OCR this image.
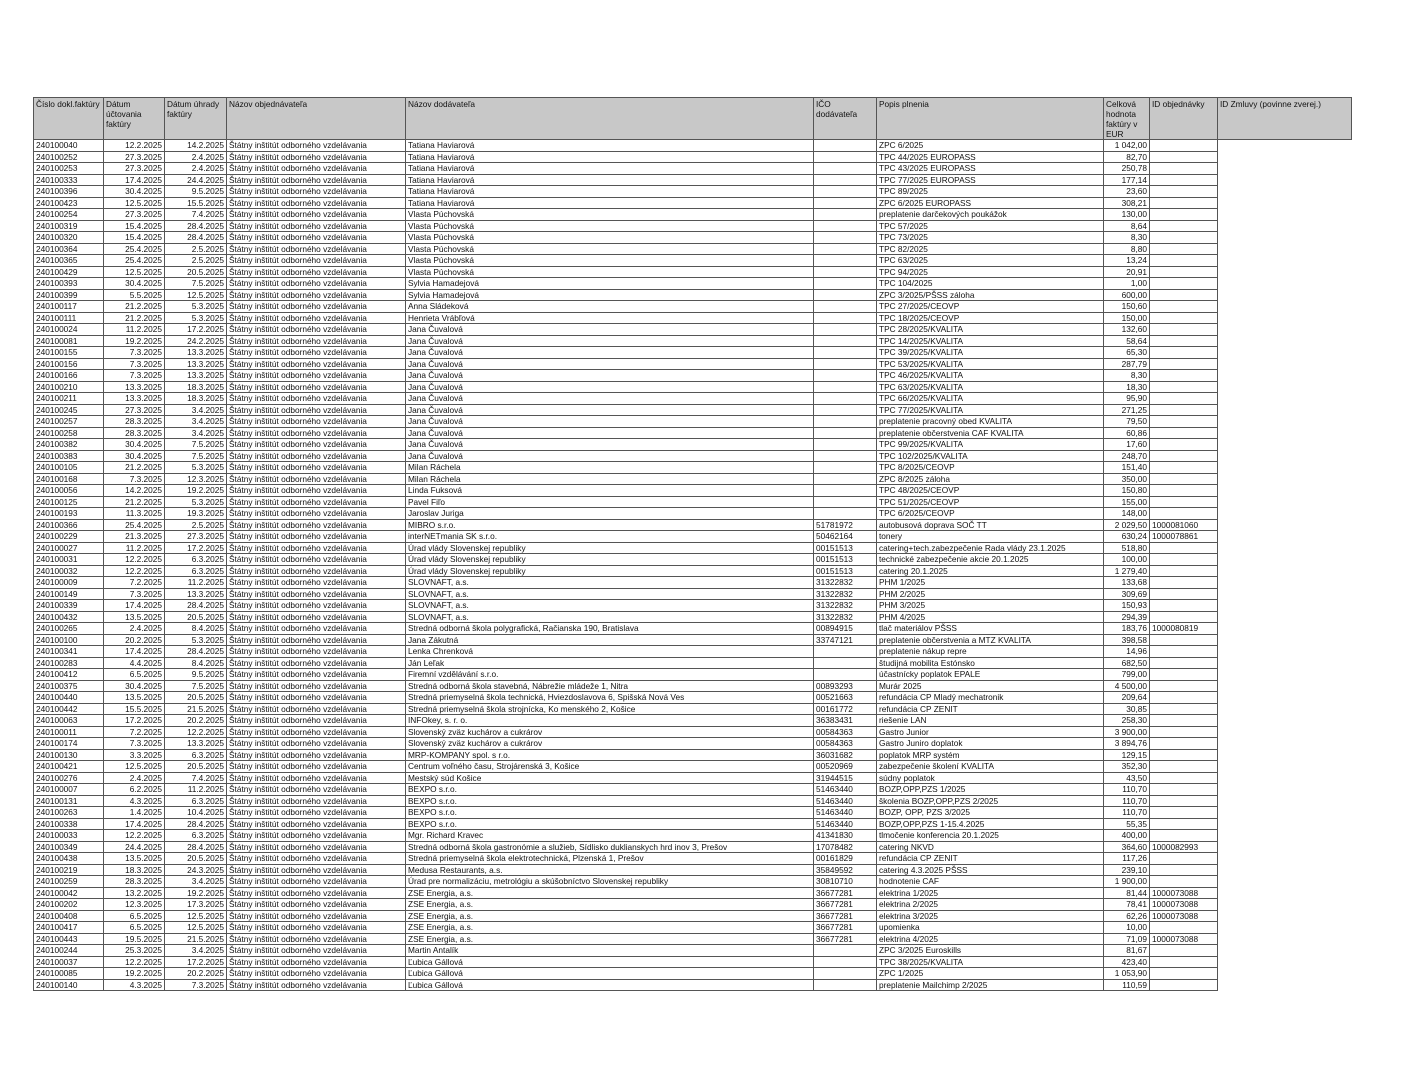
Číslo dokl.faktúry	Dátum účtovania faktúry	Dátum úhrady faktúry	Názov objednávateľa	Názov dodávateľa	IČO dodávateľa	Popis plnenia	Celková hodnota faktúry v EUR	ID objednávky	ID Zmluvy (povinne zverej.)
240100040	12.2.2025	14.2.2025	Štátny inštitút odborného vzdelávania	Tatiana Haviarová		ZPC 6/2025	1 042,00		
240100252	27.3.2025	2.4.2025	Štátny inštitút odborného vzdelávania	Tatiana Haviarová		TPC 44/2025 EUROPASS	82,70		
240100253	27.3.2025	2.4.2025	Štátny inštitút odborného vzdelávania	Tatiana Haviarová		TPC 43/2025 EUROPASS	250,78		
240100333	17.4.2025	24.4.2025	Štátny inštitút odborného vzdelávania	Tatiana Haviarová		TPC 77/2025 EUROPASS	177,14		
240100396	30.4.2025	9.5.2025	Štátny inštitút odborného vzdelávania	Tatiana Haviarová		TPC 89/2025	23,60		
240100423	12.5.2025	15.5.2025	Štátny inštitút odborného vzdelávania	Tatiana Haviarová		ZPC 6/2025 EUROPASS	308,21		
240100254	27.3.2025	7.4.2025	Štátny inštitút odborného vzdelávania	Vlasta Púchovská		preplatenie darčekových poukážok	130,00		
240100319	15.4.2025	28.4.2025	Štátny inštitút odborného vzdelávania	Vlasta Púchovská		TPC 57/2025	8,64		
240100320	15.4.2025	28.4.2025	Štátny inštitút odborného vzdelávania	Vlasta Púchovská		TPC 73/2025	8,30		
240100364	25.4.2025	2.5.2025	Štátny inštitút odborného vzdelávania	Vlasta Púchovská		TPC 82/2025	8,80		
240100365	25.4.2025	2.5.2025	Štátny inštitút odborného vzdelávania	Vlasta Púchovská		TPC 63/2025	13,24		
240100429	12.5.2025	20.5.2025	Štátny inštitút odborného vzdelávania	Vlasta Púchovská		TPC 94/2025	20,91		
240100393	30.4.2025	7.5.2025	Štátny inštitút odborného vzdelávania	Sylvia Hamadejová		TPC 104/2025	1,00		
240100399	5.5.2025	12.5.2025	Štátny inštitút odborného vzdelávania	Sylvia Hamadejová		ZPC 3/2025/PŠSS záloha	600,00		
240100117	21.2.2025	5.3.2025	Štátny inštitút odborného vzdelávania	Anna Sládeková		TPC 27/2025/CEOVP	150,60		
240100111	21.2.2025	5.3.2025	Štátny inštitút odborného vzdelávania	Henrieta Vrábľová		TPC 18/2025/CEOVP	150,00		
240100024	11.2.2025	17.2.2025	Štátny inštitút odborného vzdelávania	Jana Čuvalová		TPC 28/2025/KVALITA	132,60		
240100081	19.2.2025	24.2.2025	Štátny inštitút odborného vzdelávania	Jana Čuvalová		TPC 14/2025/KVALITA	58,64		
240100155	7.3.2025	13.3.2025	Štátny inštitút odborného vzdelávania	Jana Čuvalová		TPC 39/2025/KVALITA	65,30		
240100156	7.3.2025	13.3.2025	Štátny inštitút odborného vzdelávania	Jana Čuvalová		TPC 53/2025/KVALITA	287,79		
240100166	7.3.2025	13.3.2025	Štátny inštitút odborného vzdelávania	Jana Čuvalová		TPC 46/2025/KVALITA	8,30		
240100210	13.3.2025	18.3.2025	Štátny inštitút odborného vzdelávania	Jana Čuvalová		TPC 63/2025/KVALITA	18,30		
240100211	13.3.2025	18.3.2025	Štátny inštitút odborného vzdelávania	Jana Čuvalová		TPC 66/2025/KVALITA	95,90		
240100245	27.3.2025	3.4.2025	Štátny inštitút odborného vzdelávania	Jana Čuvalová		TPC 77/2025/KVALITA	271,25		
240100257	28.3.2025	3.4.2025	Štátny inštitút odborného vzdelávania	Jana Čuvalová		preplatenie pracovný obed KVALITA	79,50		
240100258	28.3.2025	3.4.2025	Štátny inštitút odborného vzdelávania	Jana Čuvalová		preplatenie občerstvenia CAF KVALITA	60,86		
240100382	30.4.2025	7.5.2025	Štátny inštitút odborného vzdelávania	Jana Čuvalová		TPC 99/2025/KVALITA	17,60		
240100383	30.4.2025	7.5.2025	Štátny inštitút odborného vzdelávania	Jana Čuvalová		TPC 102/2025/KVALITA	248,70		
240100105	21.2.2025	5.3.2025	Štátny inštitút odborného vzdelávania	Milan Ráchela		TPC 8/2025/CEOVP	151,40		
240100168	7.3.2025	12.3.2025	Štátny inštitút odborného vzdelávania	Milan Ráchela		ZPC 8/2025 záloha	350,00		
240100056	14.2.2025	19.2.2025	Štátny inštitút odborného vzdelávania	Linda Fuksová		TPC 48/2025/CEOVP	150,80		
240100125	21.2.2025	5.3.2025	Štátny inštitút odborného vzdelávania	Pavel Fiľo		TPC 51/2025/CEOVP	155,00		
240100193	11.3.2025	19.3.2025	Štátny inštitút odborného vzdelávania	Jaroslav Juriga		TPC 6/2025/CEOVP	148,00		
240100366	25.4.2025	2.5.2025	Štátny inštitút odborného vzdelávania	MIBRO s.r.o.	51781972	autobusová doprava SOČ TT	2 029,50	1000081060	
240100229	21.3.2025	27.3.2025	Štátny inštitút odborného vzdelávania	interNETmania SK s.r.o.	50462164	tonery	630,24	1000078861	
240100027	11.2.2025	17.2.2025	Štátny inštitút odborného vzdelávania	Úrad vlády Slovenskej republiky	00151513	catering+tech.zabezpečenie Rada vlády 23.1.2025	518,80		
240100031	12.2.2025	6.3.2025	Štátny inštitút odborného vzdelávania	Úrad vlády Slovenskej republiky	00151513	technické zabezpečenie akcie 20.1.2025	100,00		
240100032	12.2.2025	6.3.2025	Štátny inštitút odborného vzdelávania	Úrad vlády Slovenskej republiky	00151513	catering 20.1.2025	1 279,40		
240100009	7.2.2025	11.2.2025	Štátny inštitút odborného vzdelávania	SLOVNAFT, a.s.	31322832	PHM 1/2025	133,68		
240100149	7.3.2025	13.3.2025	Štátny inštitút odborného vzdelávania	SLOVNAFT, a.s.	31322832	PHM 2/2025	309,69		
240100339	17.4.2025	28.4.2025	Štátny inštitút odborného vzdelávania	SLOVNAFT, a.s.	31322832	PHM 3/2025	150,93		
240100432	13.5.2025	20.5.2025	Štátny inštitút odborného vzdelávania	SLOVNAFT, a.s.	31322832	PHM 4/2025	294,39		
240100265	2.4.2025	8.4.2025	Štátny inštitút odborného vzdelávania	Stredná odborná škola polygrafická, Račianska 190, Bratislava	00894915	tlač materiálov PŠSS	183,76	1000080819	
240100100	20.2.2025	5.3.2025	Štátny inštitút odborného vzdelávania	Jana Zákutná	33747121	preplatenie občerstvenia a MTZ KVALITA	398,58		
240100341	17.4.2025	28.4.2025	Štátny inštitút odborného vzdelávania	Lenka Chrenková		preplatenie nákup repre	14,96		
240100283	4.4.2025	8.4.2025	Štátny inštitút odborného vzdelávania	Ján Leľak		študijná mobilita Estónsko	682,50		
240100412	6.5.2025	9.5.2025	Štátny inštitút odborného vzdelávania	Firemní vzdělávání s.r.o.		účastnícky poplatok EPALE	799,00		
240100375	30.4.2025	7.5.2025	Štátny inštitút odborného vzdelávania	Stredná odborná škola stavebná, Nábrežie mládeže 1, Nitra	00893293	Murár 2025	4 500,00		
240100440	13.5.2025	20.5.2025	Štátny inštitút odborného vzdelávania	Stredná priemyselná škola technická, Hviezdoslavova 6, Spišská Nová Ves	00521663	refundácia CP Mladý mechatronik	209,64		
240100442	15.5.2025	21.5.2025	Štátny inštitút odborného vzdelávania	Stredná priemyselná škola strojnícka, Ko menského 2, Košice	00161772	refundácia CP ZENIT	30,85		
240100063	17.2.2025	20.2.2025	Štátny inštitút odborného vzdelávania	INFOkey, s. r. o.	36383431	riešenie LAN	258,30		
240100011	7.2.2025	12.2.2025	Štátny inštitút odborného vzdelávania	Slovenský zväz kuchárov a cukrárov	00584363	Gastro Junior	3 900,00		
240100174	7.3.2025	13.3.2025	Štátny inštitút odborného vzdelávania	Slovenský zväz kuchárov a cukrárov	00584363	Gastro Juniro doplatok	3 894,76		
240100130	3.3.2025	6.3.2025	Štátny inštitút odborného vzdelávania	MRP-KOMPANY spol. s r.o.	36031682	poplatok MRP systém	129,15		
240100421	12.5.2025	20.5.2025	Štátny inštitút odborného vzdelávania	Centrum voľného času, Strojárenská 3, Košice	00520969	zabezpečenie školení KVALITA	352,30		
240100276	2.4.2025	7.4.2025	Štátny inštitút odborného vzdelávania	Mestský súd Košice	31944515	súdny poplatok	43,50		
240100007	6.2.2025	11.2.2025	Štátny inštitút odborného vzdelávania	BEXPO s.r.o.	51463440	BOZP,OPP,PZS 1/2025	110,70		
240100131	4.3.2025	6.3.2025	Štátny inštitút odborného vzdelávania	BEXPO s.r.o.	51463440	školenia BOZP,OPP,PZS 2/2025	110,70		
240100263	1.4.2025	10.4.2025	Štátny inštitút odborného vzdelávania	BEXPO s.r.o.	51463440	BOZP, OPP, PZS 3/2025	110,70		
240100338	17.4.2025	28.4.2025	Štátny inštitút odborného vzdelávania	BEXPO s.r.o.	51463440	BOZP,OPP,PZS 1-15.4.2025	55,35		
240100033	12.2.2025	6.3.2025	Štátny inštitút odborného vzdelávania	Mgr. Richard Kravec	41341830	tlmočenie konferencia 20.1.2025	400,00		
240100349	24.4.2025	28.4.2025	Štátny inštitút odborného vzdelávania	Stredná odborná škola gastronómie a služieb, Sídlisko duklianskych hrd inov 3, Prešov	17078482	catering NKVD	364,60	1000082993	
240100438	13.5.2025	20.5.2025	Štátny inštitút odborného vzdelávania	Stredná priemyselná škola elektrotechnická, Plzenská 1, Prešov	00161829	refundácia CP ZENIT	117,26		
240100219	18.3.2025	24.3.2025	Štátny inštitút odborného vzdelávania	Medusa Restaurants, a.s.	35849592	catering 4.3.2025 PŠSS	239,10		
240100259	28.3.2025	3.4.2025	Štátny inštitút odborného vzdelávania	Úrad pre normalizáciu, metrológiu a skúšobníctvo Slovenskej republiky	30810710	hodnotenie CAF	1 900,00		
240100042	13.2.2025	19.2.2025	Štátny inštitút odborného vzdelávania	ZSE Energia, a.s.	36677281	elektrina 1/2025	81,44	1000073088	
240100202	12.3.2025	17.3.2025	Štátny inštitút odborného vzdelávania	ZSE Energia, a.s.	36677281	elektrina 2/2025	78,41	1000073088	
240100408	6.5.2025	12.5.2025	Štátny inštitút odborného vzdelávania	ZSE Energia, a.s.	36677281	elektrina 3/2025	62,26	1000073088	
240100417	6.5.2025	12.5.2025	Štátny inštitút odborného vzdelávania	ZSE Energia, a.s.	36677281	upomienka	10,00		
240100443	19.5.2025	21.5.2025	Štátny inštitút odborného vzdelávania	ZSE Energia, a.s.	36677281	elektrina 4/2025	71,09	1000073088	
240100244	25.3.2025	3.4.2025	Štátny inštitút odborného vzdelávania	Martin Antalík		ZPC 3/2025 Euroskills	81,67		
240100037	12.2.2025	17.2.2025	Štátny inštitút odborného vzdelávania	Ľubica Gállová		TPC 38/2025/KVALITA	423,40		
240100085	19.2.2025	20.2.2025	Štátny inštitút odborného vzdelávania	Ľubica Gállová		ZPC 1/2025	1 053,90		
240100140	4.3.2025	7.3.2025	Štátny inštitút odborného vzdelávania	Ľubica Gállová		preplatenie Mailchimp 2/2025	110,59		
